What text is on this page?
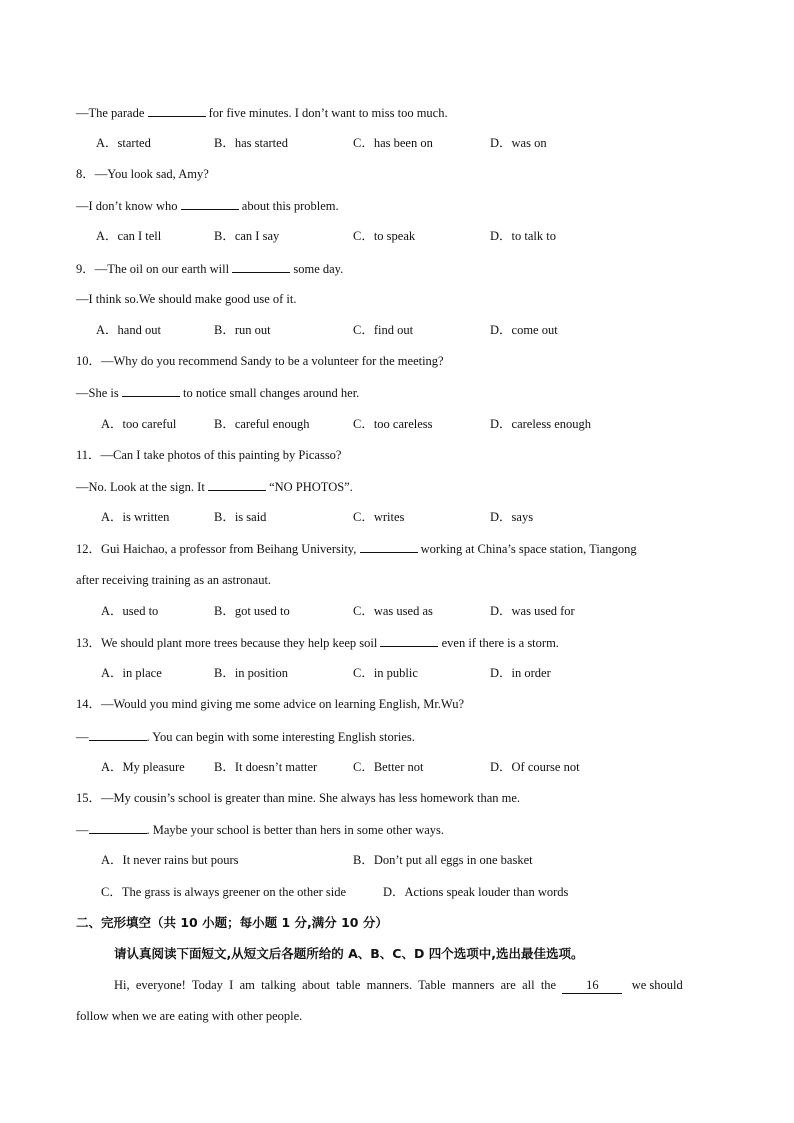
—The parade	for five minutes. I don’t want to miss too much.
A．started	B．has started	C．has been on	D．was on
8．—You look sad, Amy?
—I don’t know who	about this problem.
A．can I tell	B．can I say	C．to speak	D．to talk to
9．—The oil on our earth will	some day.
—I think so.We should make good use of it.
A．hand out	B．run out	C．find out	D．come out
10．—Why do you recommend Sandy to be a volunteer for the meeting?
—She is	to notice small changes around her.
A．too careful	B．careful enough	C．too careless	D．careless enough
11．—Can I take photos of this painting by Picasso?
—No. Look at the sign. It	“NO PHOTOS”.
A．is written	B．is said	C．writes	D．says
12．Gui Haichao, a professor from Beihang University,	working at China’s space station, Tiangong
after receiving training as an astronaut.
A．used to	B．got used to	C．was used as	D．was used for
13．We should plant more trees because they help keep soil	even if there is a storm.
A．in place	B．in position	C．in public	D．in order
14．—Would you mind giving me some advice on learning English, Mr.Wu?
—	. You can begin with some interesting English stories.
A．My pleasure B．It doesn’t matter	C．Better not	D．Of course not
15．—My cousin’s school is greater than mine. She always has less homework than me.
—	. Maybe your school is better than hers in some other ways.
A．It never rains but pours	B．Don’t put all eggs in one basket
C．The grass is always greener on the other side	D．Actions speak louder than words
二、完形填空（共 10 小题；每小题 1 分,满分 10 分）
请认真阅读下面短文,从短文后各题所给的 A、B、C、D 四个选项中,选出最佳选项。
Hi,  everyone!  Today  I  am  talking  about  table  manners.  Table  manners  are  all  the  16   we should
follow when we are eating with other people.
